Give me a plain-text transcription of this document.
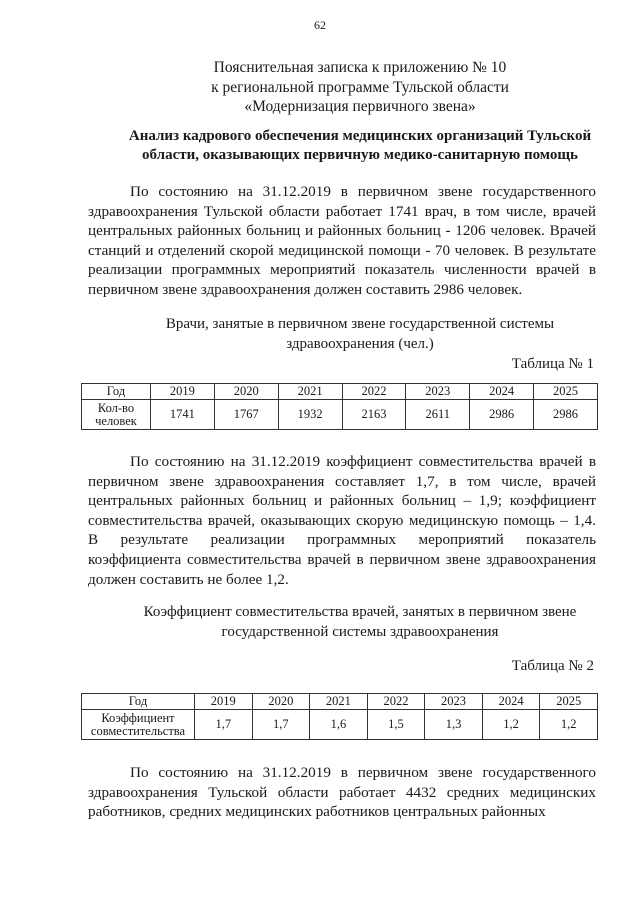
62
Пояснительная записка к приложению № 10
к региональной программе Тульской области
«Модернизация первичного звена»
Анализ кадрового обеспечения медицинских организаций Тульской
области, оказывающих первичную медико-санитарную помощь
По состоянию на 31.12.2019 в первичном звене государственного здравоохранения Тульской области работает 1741 врач, в том числе, врачей центральных районных больниц и районных больниц - 1206 человек. Врачей станций и отделений скорой медицинской помощи - 70 человек. В результате реализации программных мероприятий показатель численности врачей в первичном звене здравоохранения должен составить 2986 человек.
Врачи, занятые в первичном звене государственной системы
здравоохранения (чел.)
Таблица № 1
Год	2019	2020	2021	2022	2023	2024	2025

Кол-во
человек	1741	1767	1932	2163	2611	2986	2986
По состоянию на 31.12.2019 коэффициент совместительства врачей в первичном звене здравоохранения составляет 1,7, в том числе, врачей центральных районных больниц и районных больниц – 1,9; коэффициент совместительства врачей, оказывающих скорую медицинскую помощь – 1,4. В результате реализации программных мероприятий показатель коэффициента совместительства врачей в первичном звене здравоохранения должен составить не более 1,2.
Коэффициент совместительства врачей, занятых в первичном звене
государственной системы здравоохранения
Таблица № 2
Год	2019	2020	2021	2022	2023	2024	2025

Коэффициент
совместительства	1,7	1,7	1,6	1,5	1,3	1,2	1,2
По состоянию на 31.12.2019 в первичном звене государственного здравоохранения Тульской области работает 4432 средних медицинских работников, средних медицинских работников центральных районных
